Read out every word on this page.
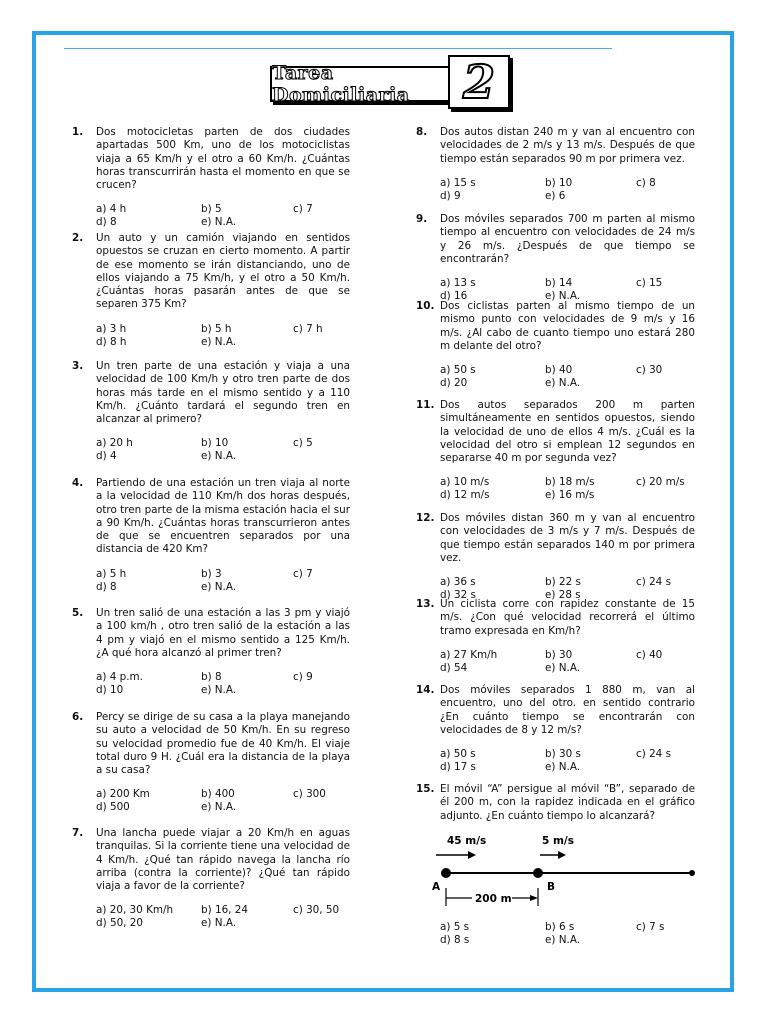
Tarea Domiciliaria	2
1. Dos motocicletas parten de dos ciudades apartadas 500 Km, uno de los motociclistas viaja a 65 Km/h y el otro a 60 Km/h. ¿Cuántas horas transcurrirán hasta el momento en que se crucen?
a) 4 h	b) 5	c) 7
d) 8	e) N.A.
2. Un auto y un camión viajando en sentidos opuestos se cruzan en cierto momento. A partir de ese momento se irán distanciando, uno de ellos viajando a 75 Km/h, y el otro a 50 Km/h. ¿Cuántas horas pasarán antes de que se separen 375 Km?
a) 3 h	b) 5 h	c) 7 h
d) 8 h	e) N.A.
3. Un tren parte de una estación y viaja a una velocidad de 100 Km/h y otro tren parte de dos horas más tarde en el mismo sentido y a 110 Km/h. ¿Cuánto tardará el segundo tren en alcanzar al primero?
a) 20 h	b) 10	c) 5
d) 4	e) N.A.
4. Partiendo de una estación un tren viaja al norte a la velocidad de 110 Km/h dos horas después, otro tren parte de la misma estación hacia el sur a 90 Km/h. ¿Cuántas horas transcurrieron antes de que se encuentren separados por una distancia de 420 Km?
a) 5 h	b) 3	c) 7
d) 8	e) N.A.
5. Un tren salió de una estación a las 3 pm y viajó a 100 km/h , otro tren salió de la estación a las 4 pm y viajó en el mismo sentido a 125 Km/h. ¿A qué hora alcanzó al primer tren?
a) 4 p.m.	b) 8	c) 9
d) 10	e) N.A.
6. Percy se dirige de su casa a la playa manejando su auto a velocidad de 50 Km/h. En su regreso su velocidad promedio fue de 40 Km/h. El viaje total duro 9 H. ¿Cuál era la distancia de la playa a su casa?
a) 200 Km	b) 400	c) 300
d) 500	e) N.A.
7. Una lancha puede viajar a 20 Km/h en aguas tranquilas. Si la corriente tiene una velocidad de 4 Km/h. ¿Qué tan rápido navega la lancha río arriba (contra la corriente)? ¿Qué tan rápido viaja a favor de la corriente?
a) 20, 30 Km/h	b) 16, 24	c) 30, 50
d) 50, 20	e) N.A.
8. Dos autos distan 240 m y van al encuentro con velocidades de 2 m/s y 13 m/s. Después de que tiempo están separados 90 m por primera vez.
a) 15 s	b) 10	c) 8
d) 9	e) 6
9. Dos móviles separados 700 m parten al mismo tiempo al encuentro con velocidades de 24 m/s y 26 m/s. ¿Después de que tiempo se encontrarán?
a) 13 s	b) 14	c) 15
d) 16	e) N.A.
10. Dos ciclistas parten al mismo tiempo de un mismo punto con velocidades de 9 m/s y 16 m/s. ¿Al cabo de cuanto tiempo uno estará 280 m delante del otro?
a) 50 s	b) 40	c) 30
d) 20	e) N.A.
11. Dos autos separados 200 m parten simultáneamente en sentidos opuestos, siendo la velocidad de uno de ellos 4 m/s. ¿Cuál es la velocidad del otro si emplean 12 segundos en separarse 40 m por segunda vez?
a) 10 m/s	b) 18 m/s	c) 20 m/s
d) 12 m/s	e) 16 m/s
12. Dos móviles distan 360 m y van al encuentro con velocidades de 3 m/s y 7 m/s. Después de que tiempo están separados 140 m por primera vez.
a) 36 s	b) 22 s	c) 24 s
d) 32 s	e) 28 s
13. Un ciclista corre con rapidez constante de 15 m/s. ¿Con qué velocidad recorrerá el último tramo expresada en Km/h?
a) 27 Km/h	b) 30	c) 40
d) 54	e) N.A.
14. Dos móviles separados 1 880 m, van al encuentro, uno del otro. en sentido contrario ¿En cuánto tiempo se encontrarán con velocidades de 8 y 12 m/s?
a) 50 s	b) 30 s	c) 24 s
d) 17 s	e) N.A.
15. El móvil “A” persigue al móvil “B”, separado de él 200 m, con la rapidez indicada en el gráfico adjunto. ¿En cuánto tiempo lo alcanzará?
a) 5 s	b) 6 s	c) 7 s
d) 8 s	e) N.A.
45 m/s	5 m/s
A	B
200 m
